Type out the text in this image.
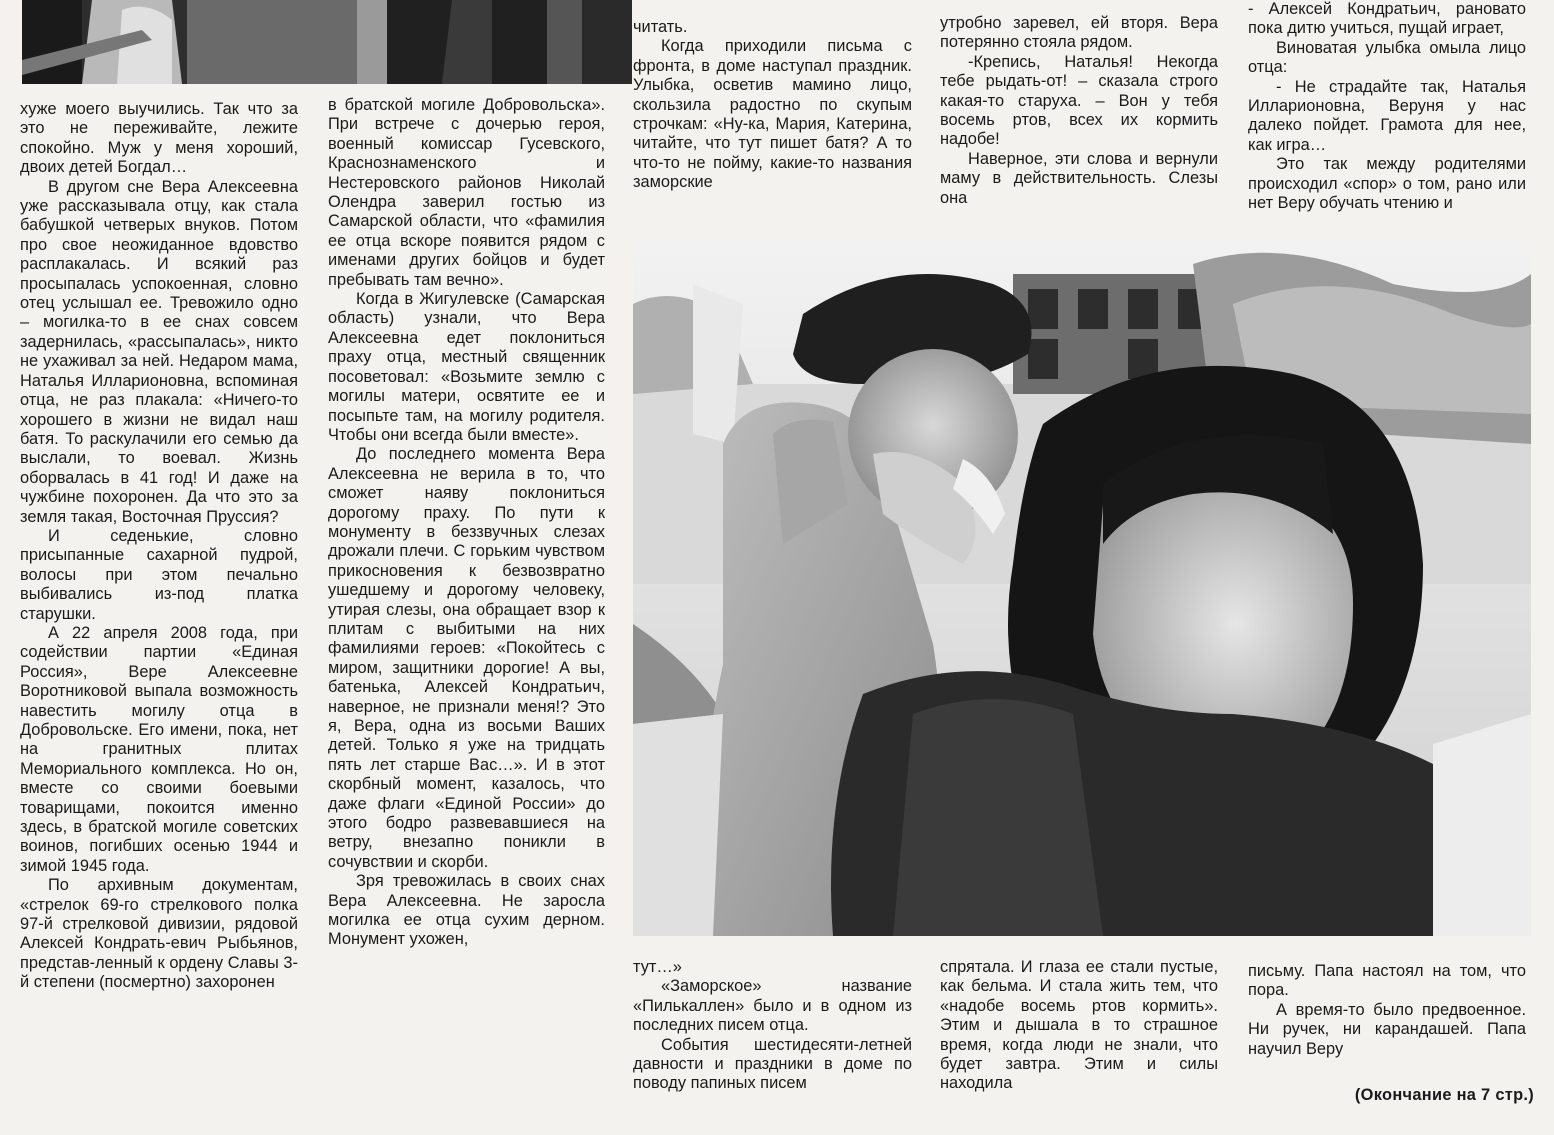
хуже моего выучились. Так что за это не переживайте, лежите спокойно. Муж у меня хороший, двоих детей Богдал…

В другом сне Вера Алексеевна уже рассказывала отцу, как стала бабушкой четверых внуков. Потом про свое неожиданное вдовство расплакалась. И всякий раз просыпалась успокоенная, словно отец услышал ее. Тревожило одно – могилка-то в ее снах совсем задернилась, «рассыпалась», никто не ухаживал за ней. Недаром мама, Наталья Илларионовна, вспоминая отца, не раз плакала: «Ничего-то хорошего в жизни не видал наш батя. То раскулачили его семью да выслали, то воевал. Жизнь оборвалась в 41 год! И даже на чужбине похоронен. Да что это за земля такая, Восточная Пруссия?

И седенькие, словно присыпанные сахарной пудрой, волосы при этом печально выбивались из-под платка старушки.

А 22 апреля 2008 года, при содействии партии «Единая Россия», Вере Алексеевне Воротниковой выпала возможность навестить могилу отца в Добровольске. Его имени, пока, нет на гранитных плитах Мемориального комплекса. Но он, вместе со своими боевыми товарищами, покоится именно здесь, в братской могиле советских воинов, погибших осенью 1944 и зимой 1945 года.

По архивным документам, «стрелок 69-го стрелкового полка 97-й стрелковой дивизии, рядовой Алексей Кондрать-евич Рыбьянов, представ-ленный к ордену Славы 3-й степени (посмертно) захоронен

в братской могиле Добровольска». При встрече с дочерью героя, военный комиссар Гусевского, Краснознаменского и Нестеровского районов Николай Олендра заверил гостью из Самарской области, что «фамилия ее отца вскоре появится рядом с именами других бойцов и будет пребывать там вечно».

Когда в Жигулевске (Самарская область) узнали, что Вера Алексеевна едет поклониться праху отца, местный священник посоветовал: «Возьмите землю с могилы матери, освятите ее и посыпьте там, на могилу родителя. Чтобы они всегда были вместе».

До последнего момента Вера Алексеевна не верила в то, что сможет наяву поклониться дорогому праху. По пути к монументу в беззвучных слезах дрожали плечи. С горьким чувством прикосновения к безвозвратно ушедшему и дорогому человеку, утирая слезы, она обращает взор к плитам с выбитыми на них фамилиями героев: «Покойтесь с миром, защитники дорогие! А вы, батенька, Алексей Кондратьич, наверное, не признали меня!? Это я, Вера, одна из восьми Ваших детей. Только я уже на тридцать пять лет старше Вас…». И в этот скорбный момент, казалось, что даже флаги «Единой России» до этого бодро развевавшиеся на ветру, внезапно поникли в сочувствии и скорби.

Зря тревожилась в своих снах Вера Алексеевна. Не заросла могилка ее отца сухим дерном. Монумент ухожен,

читать.

Когда приходили письма с фронта, в доме наступал праздник. Улыбка, осветив мамино лицо, скользила радостно по скупым строчкам: «Ну-ка, Мария, Катерина, читайте, что тут пишет батя? А то что-то не пойму, какие-то названия заморские

утробно заревел, ей вторя. Вера потерянно стояла рядом.

-Крепись, Наталья! Некогда тебе рыдать-от! – сказала строго какая-то старуха. – Вон у тебя восемь ртов, всех их кормить надобе!

Наверное, эти слова и вернули маму в действительность. Слезы она

- Алексей Кондратьич, рановато пока дитю учиться, пущай играет,

Виноватая улыбка омыла лицо отца:

- Не страдайте так, Наталья Илларионовна, Веруня у нас далеко пойдет. Грамота для нее, как игра…

Это так между родителями происходил «спор» о том, рано или нет Веру обучать чтению и

тут…»

«Заморское» название «Пилькаллен» было и в одном из последних писем отца.

События шестидесяти-летней давности и праздники в доме по поводу папиных писем

спрятала. И глаза ее стали пустые, как бельма. И стала жить тем, что «надобе восемь ртов кормить». Этим и дышала в то страшное время, когда люди не знали, что будет завтра. Этим и силы находила

письму. Папа настоял на том, что пора.

А время-то было предвоенное. Ни ручек, ни карандашей. Папа научил Веру

(Окончание на 7 стр.)
